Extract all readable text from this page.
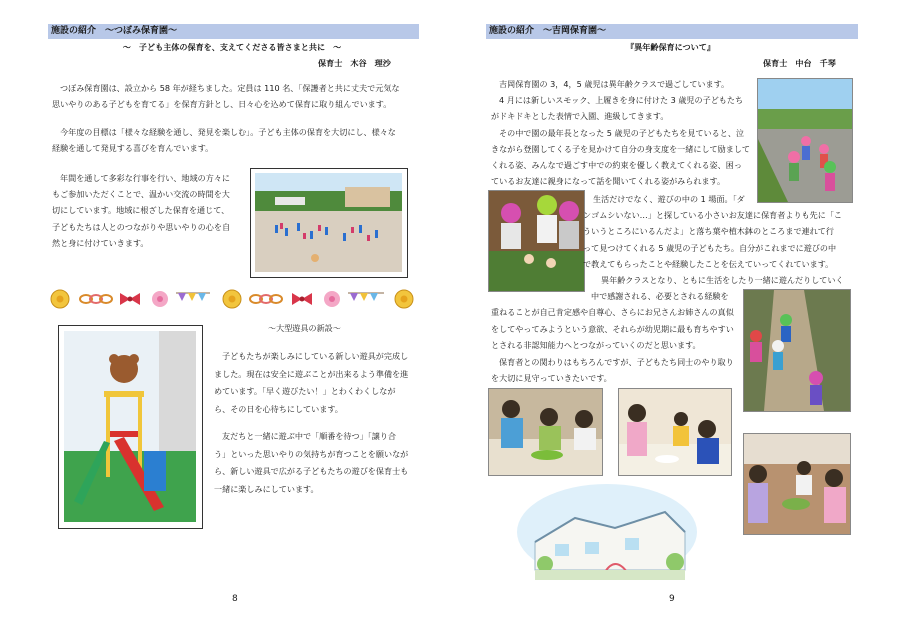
施設の紹介　〜つぼみ保育園〜
〜　子ども主体の保育を、支えてくださる皆さまと共に　〜
保育士　木谷　理沙
つぼみ保育園は、設立から 58 年が経ちました。定員は 110 名、「保護者と共に丈夫で元気な
思いやりのある子どもを育てる」を保育方針とし、日々心を込めて保育に取り組んでいます。
今年度の目標は「様々な経験を通し、発見を楽しむ」。子ども主体の保育を大切にし、様々な
経験を通して発見する喜びを育んでいます。
年間を通して多彩な行事を行い、地域の方々に
もご参加いただくことで、温かい交流の時間を大
切にしています。地域に根ざした保育を通じて、
子どもたちは人とのつながりや思いやりの心を自
然と身に付けていきます。
〜大型遊具の新設〜
子どもたちが楽しみにしている新しい遊具が完成し
ました。現在は安全に遊ぶことが出来るよう準備を進
めています。「早く遊びたい！」とわくわくしなが
ら、その日を心待ちにしています。
友だちと一緒に遊ぶ中で「順番を待つ」「譲り合
う」といった思いやりの気持ちが育つことを願いなが
ら、新しい遊具で広がる子どもたちの遊びを保育士も
一緒に楽しみにしています。
8
施設の紹介　〜吉岡保育園〜
『異年齢保育について』
保育士　中台　千琴
吉岡保育園の 3，4，5 歳児は異年齢クラスで過ごしています。
4 月には新しいスモック、上履きを身に付けた 3 歳児の子どもたち
がドキドキとした表情で入園、進級してきます。
その中で園の最年長となった 5 歳児の子どもたちを見ていると、泣
きながら登園してくる子を見かけて自分の身支度を一緒にして励まして
くれる姿、みんなで過ごす中での約束を優しく教えてくれる姿、困っ
ているお友達に親身になって話を聞いてくれる姿がみられます。
生活だけでなく、遊びの中の 1 場面。「ダ
ンゴムシいない…」と探している小さいお友達に保育者よりも先に「こ
ういうところにいるんだよ」と落ち葉や植木鉢のところまで連れて行
って見つけてくれる 5 歳児の子どもたち。自分がこれまでに遊びの中
で教えてもらったことや経験したことを伝えていってくれています。
異年齢クラスとなり、ともに生活をしたり一緒に遊んだりしていく
中で感謝される、必要とされる経験を
重ねることが自己肯定感や自尊心、さらにお兄さんお姉さんの真似
をしてやってみようという意欲、それらが幼児期に最も育ちやすい
とされる非認知能力へとつながっていくのだと思います。
保育者との関わりはもちろんですが、子どもたち同士のやり取り
を大切に見守っていきたいです。
9
